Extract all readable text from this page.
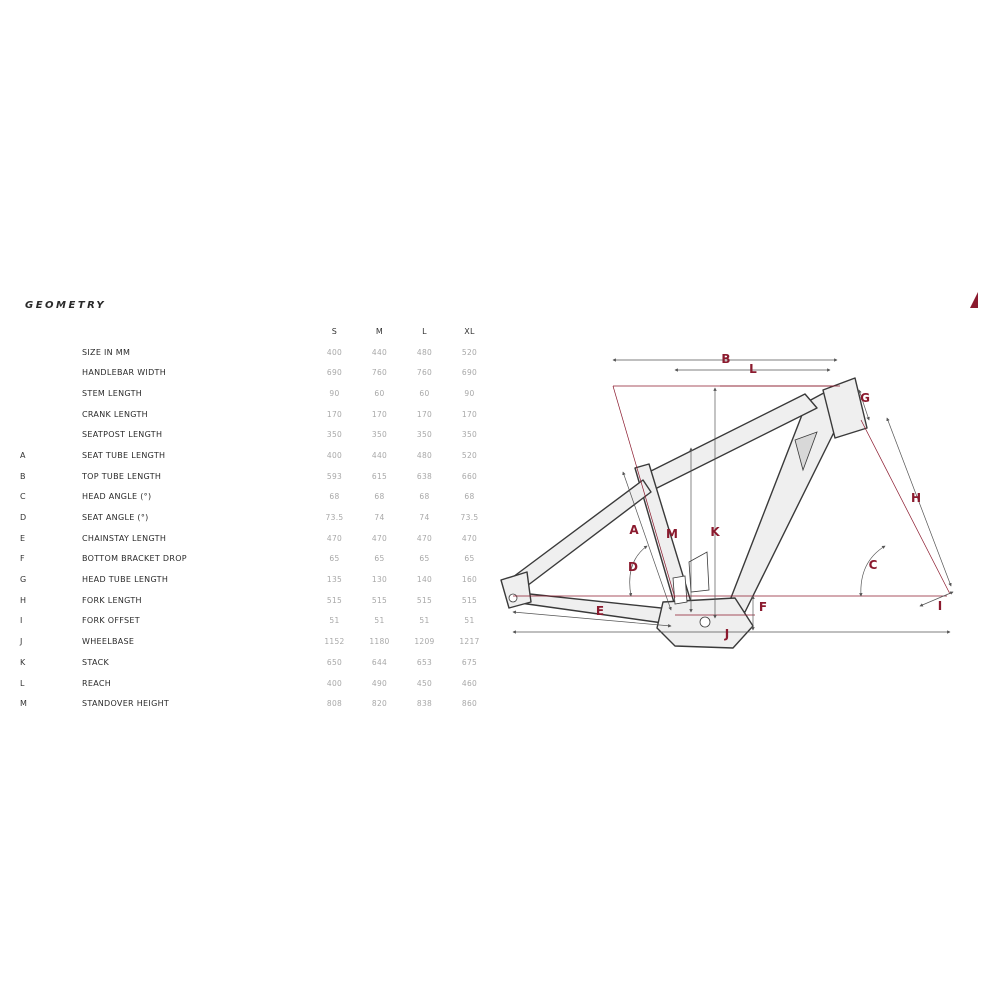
GEOMETRY
		S	M	L	XL
	SIZE IN MM	400	440	480	520
	HANDLEBAR WIDTH	690	760	760	690
	STEM LENGTH	90	60	60	90
	CRANK LENGTH	170	170	170	170
	SEATPOST LENGTH	350	350	350	350
A	SEAT TUBE LENGTH	400	440	480	520
B	TOP TUBE LENGTH	593	615	638	660
C	HEAD ANGLE (°)	68	68	68	68
D	SEAT ANGLE (°)	73.5	74	74	73.5
E	CHAINSTAY LENGTH	470	470	470	470
F	BOTTOM BRACKET DROP	65	65	65	65
G	HEAD TUBE LENGTH	135	130	140	160
H	FORK LENGTH	515	515	515	515
I	FORK OFFSET	51	51	51	51
J	WHEELBASE	1152	1180	1209	1217
K	STACK	650	644	653	675
L	REACH	400	490	450	460
M	STANDOVER HEIGHT	808	820	838	860
B
L
G
H
A M	K
D	C
E	F	I
J
